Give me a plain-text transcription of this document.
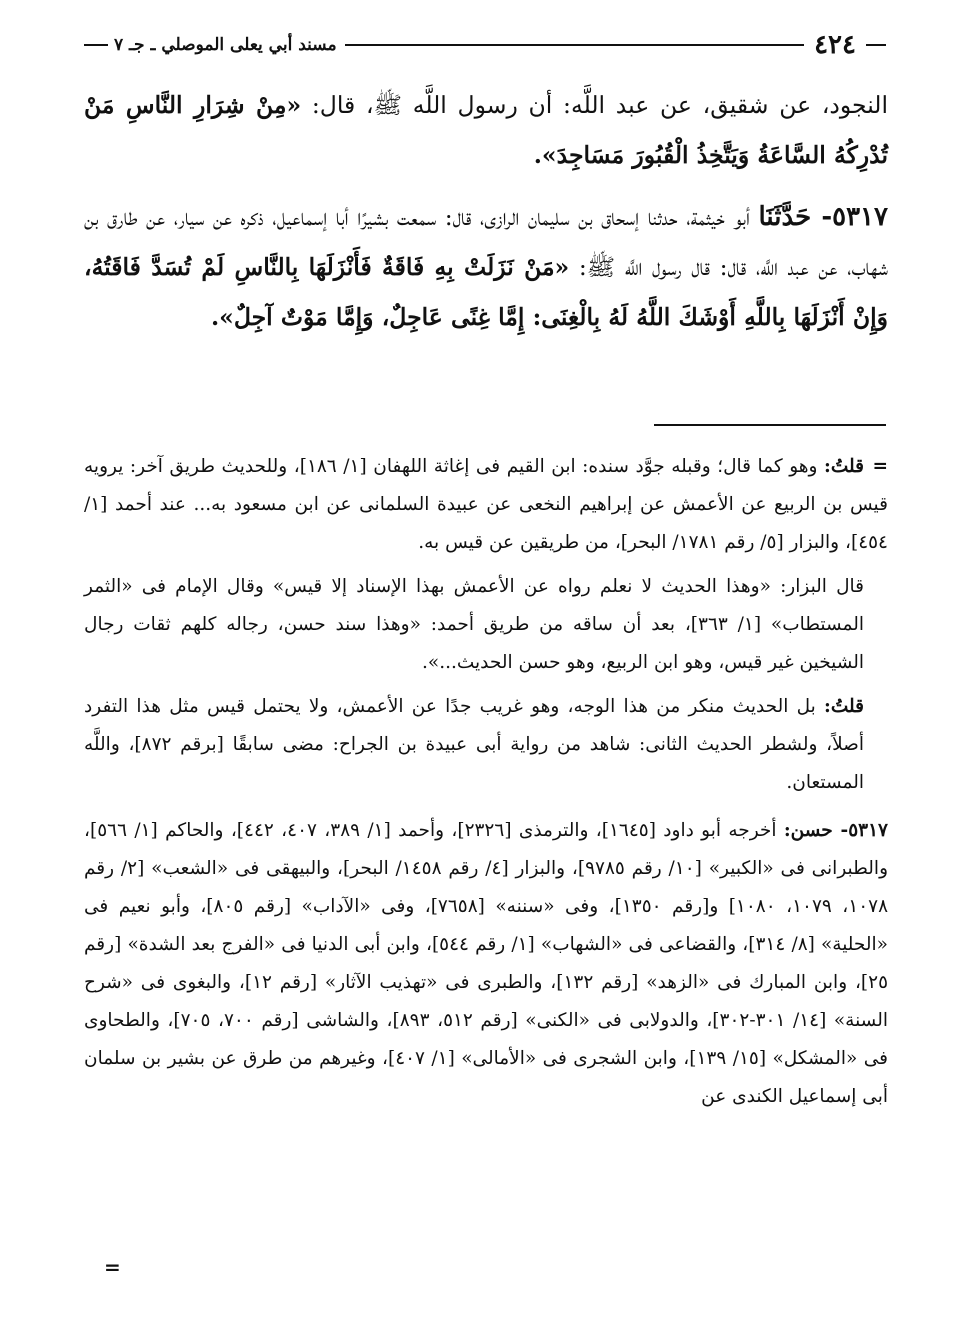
٤٢٤
مسند أبي يعلى الموصلي ـ جـ ٧

النجود، عن شقيق، عن عبد اللَّه: أن رسول اللَّه ﷺ، قال: «مِنْ شِرَارِ النَّاسِ مَنْ تُدْرِكُهُ السَّاعَةُ وَيَتَّخِذُ الْقُبُورَ مَسَاجِدَ».

٥٣١٧- حَدَّثَنَا أبو خيثمة، حدثنا إسحاق بن سليمان الرازى، قال: سمعت بشيرًا أبا إسماعيل، ذكره عن سيار، عن طارق بن شهاب، عن عبد اللَّه، قال: قال رسول اللَّه ﷺ: «مَنْ نَزَلَتْ بِهِ فَاقَةٌ فَأَنْزَلَهَا بِالنَّاسِ لَمْ تُسَدَّ فَاقَتُهُ، وَإِنْ أَنْزَلَهَا بِاللَّهِ أَوْشَكَ اللَّهُ لَهُ بِالْغِنَى: إِمَّا غِنًى عَاجِلٌ، وَإِمَّا مَوْتٌ آجِلٌ».

=قلتُ: وهو كما قال؛ وقبله جوَّد سنده: ابن القيم فى إغاثة اللهفان [١/ ١٨٦]، وللحديث طريق آخر: يرويه قيس بن الربيع عن الأعمش عن إبراهيم النخعى عن عبيدة السلمانى عن ابن مسعود به... عند أحمد [١/ ٤٥٤]، والبزار [٥/ رقم ١٧٨١/ البحر]، من طريقين عن قيس به.

قال البزار: «وهذا الحديث لا نعلم رواه عن الأعمش بهذا الإسناد إلا قيس» وقال الإمام فى «الثمر المستطاب» [١/ ٣٦٣]، بعد أن ساقه من طريق أحمد: «وهذا سند حسن، رجاله كلهم ثقات رجال الشيخين غير قيس، وهو ابن الربيع، وهو حسن الحديث...».

قلتُ: بل الحديث منكر من هذا الوجه، وهو غريب جدًا عن الأعمش، ولا يحتمل قيس مثل هذا التفرد أصلاً، ولشطر الحديث الثانى: شاهد من رواية أبى عبيدة بن الجراح: مضى سابقًا [برقم ٨٧٢]، واللَّه المستعان.

٥٣١٧- حسن: أخرجه أبو داود [١٦٤٥]، والترمذى [٢٣٢٦]، وأحمد [١/ ٣٨٩، ٤٠٧، ٤٤٢]، والحاكم [١/ ٥٦٦]، والطبرانى فى «الكبير» [١٠/ رقم ٩٧٨٥]، والبزار [٤/ رقم ١٤٥٨/ البحر]، والبيهقى فى «الشعب» [٢/ رقم ١٠٧٨، ١٠٧٩، ١٠٨٠] و[رقم ١٣٥٠]، وفى «سننه» [٧٦٥٨]، وفى «الآداب» [رقم ٨٠٥]، وأبو نعيم فى «الحلية» [٨/ ٣١٤]، والقضاعى فى «الشهاب» [١/ رقم ٥٤٤]، وابن أبى الدنيا فى «الفرج بعد الشدة» [رقم ٢٥]، وابن المبارك فى «الزهد» [رقم ١٣٢]، والطبرى فى «تهذيب الآثار» [رقم ١٢]، والبغوى فى «شرح السنة» [١٤/ ٣٠١-٣٠٢]، والدولابى فى «الكنى» [رقم ٥١٢، ٨٩٣]، والشاشى [رقم ٧٠٠، ٧٠٥]، والطحاوى فى «المشكل» [١٥/ ١٣٩]، وابن الشجرى فى «الأمالى» [١/ ٤٠٧]، وغيرهم من طرق عن بشير بن سلمان أبى إسماعيل الكندى عن

=
